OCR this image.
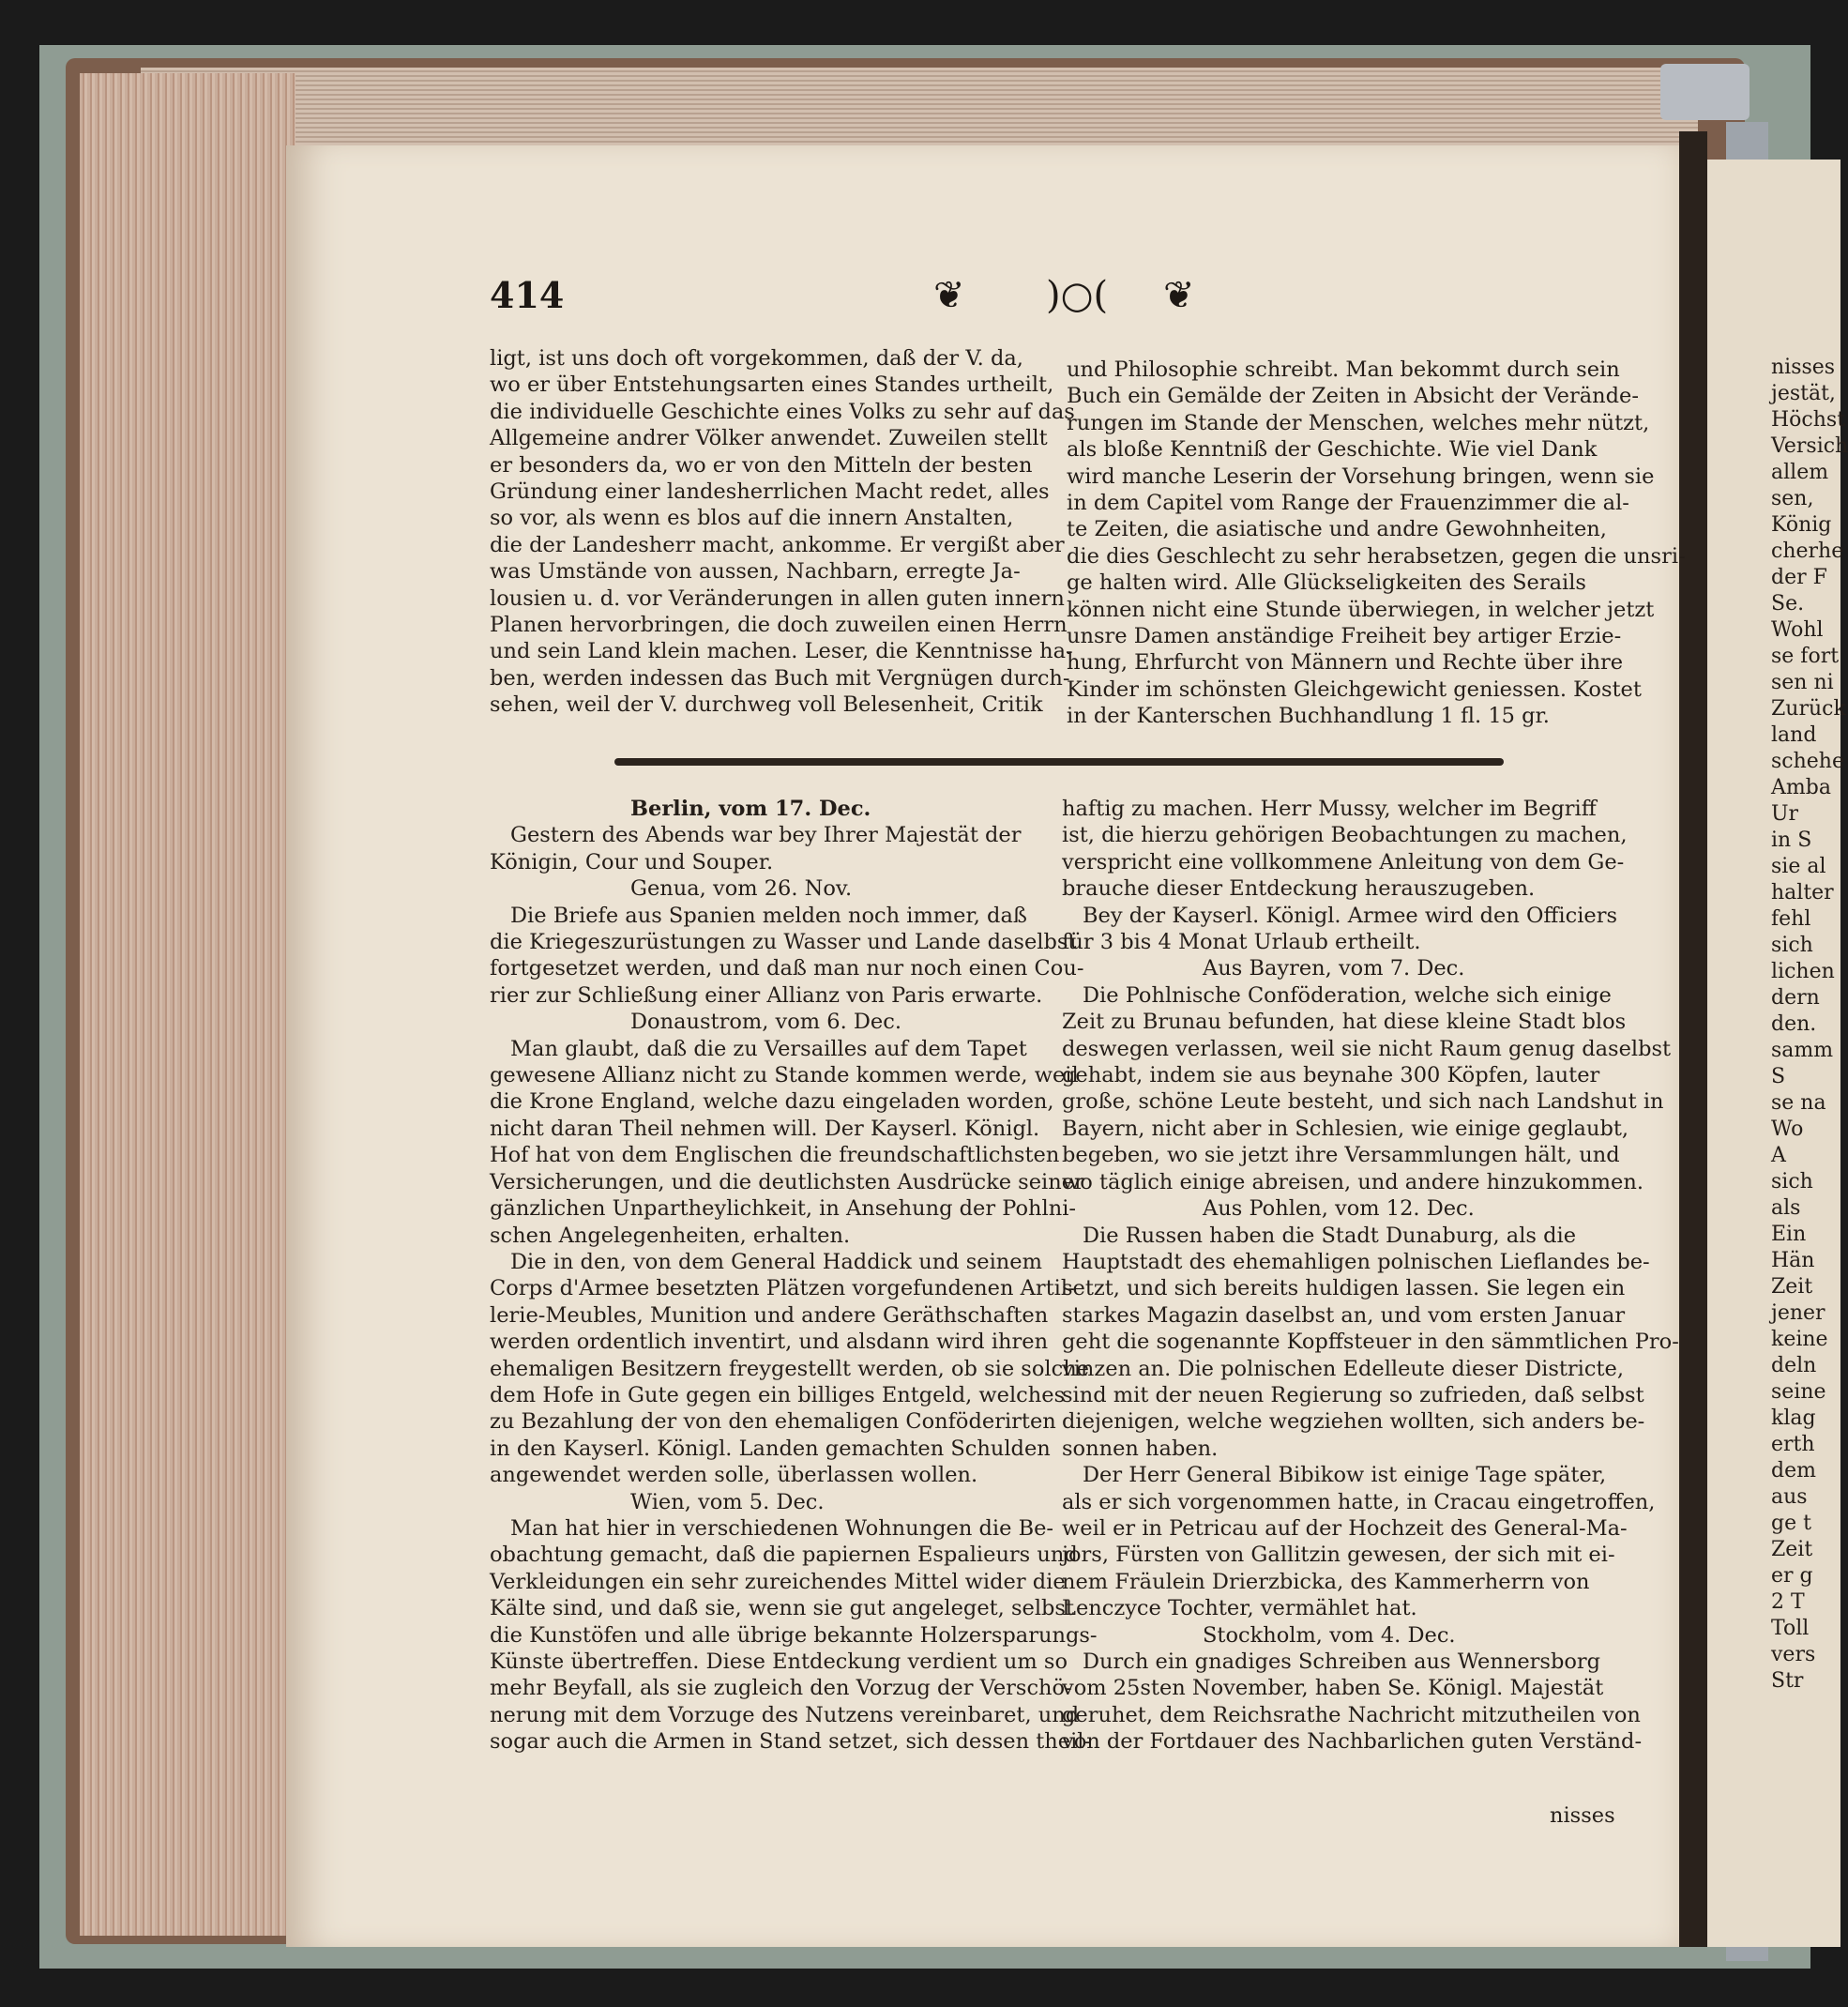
414	❦ )○( ❦

ligt, ist uns doch oft vorgekommen, daß der V. da,

wo er über Entstehungsarten eines Standes urtheilt,

die individuelle Geschichte eines Volks zu sehr auf das

Allgemeine andrer Völker anwendet. Zuweilen stellt

er besonders da, wo er von den Mitteln der besten

Gründung einer landesherrlichen Macht redet, alles

so vor, als wenn es blos auf die innern Anstalten,

die der Landesherr macht, ankomme. Er vergißt aber

was Umstände von aussen, Nachbarn, erregte Ja-

lousien u. d. vor Veränderungen in allen guten innern

Planen hervorbringen, die doch zuweilen einen Herrn

und sein Land klein machen. Leser, die Kenntnisse ha-

ben, werden indessen das Buch mit Vergnügen durch-

sehen, weil der V. durchweg voll Belesenheit, Critik

und Philosophie schreibt. Man bekommt durch sein

Buch ein Gemälde der Zeiten in Absicht der Verände-

rungen im Stande der Menschen, welches mehr nützt,

als bloße Kenntniß der Geschichte. Wie viel Dank

wird manche Leserin der Vorsehung bringen, wenn sie

in dem Capitel vom Range der Frauenzimmer die al-

te Zeiten, die asiatische und andre Gewohnheiten,

die dies Geschlecht zu sehr herabsetzen, gegen die unsri-

ge halten wird. Alle Glückseligkeiten des Serails

können nicht eine Stunde überwiegen, in welcher jetzt

unsre Damen anständige Freiheit bey artiger Erzie-

hung, Ehrfurcht von Männern und Rechte über ihre

Kinder im schönsten Gleichgewicht geniessen. Kostet

in der Kanterschen Buchhandlung 1 fl. 15 gr.

Berlin, vom 17. Dec.

Gestern des Abends war bey Ihrer Majestät der

Königin, Cour und Souper.

Genua, vom 26. Nov.

Die Briefe aus Spanien melden noch immer, daß

die Kriegeszurüstungen zu Wasser und Lande daselbst

fortgesetzet werden, und daß man nur noch einen Cou-

rier zur Schließung einer Allianz von Paris erwarte.

Donaustrom, vom 6. Dec.

Man glaubt, daß die zu Versailles auf dem Tapet

gewesene Allianz nicht zu Stande kommen werde, weil

die Krone England, welche dazu eingeladen worden,

nicht daran Theil nehmen will. Der Kayserl. Königl.

Hof hat von dem Englischen die freundschaftlichsten

Versicherungen, und die deutlichsten Ausdrücke seiner

gänzlichen Unpartheylichkeit, in Ansehung der Pohlni-

schen Angelegenheiten, erhalten.

Die in den, von dem General Haddick und seinem

Corps d'Armee besetzten Plätzen vorgefundenen Artil-

lerie-Meubles, Munition und andere Geräthschaften

werden ordentlich inventirt, und alsdann wird ihren

ehemaligen Besitzern freygestellt werden, ob sie solche

dem Hofe in Gute gegen ein billiges Entgeld, welches

zu Bezahlung der von den ehemaligen Conföderirten

in den Kayserl. Königl. Landen gemachten Schulden

angewendet werden solle, überlassen wollen.

Wien, vom 5. Dec.

Man hat hier in verschiedenen Wohnungen die Be-

obachtung gemacht, daß die papiernen Espalieurs und

Verkleidungen ein sehr zureichendes Mittel wider die

Kälte sind, und daß sie, wenn sie gut angeleget, selbst

die Kunstöfen und alle übrige bekannte Holzersparungs-

Künste übertreffen. Diese Entdeckung verdient um so

mehr Beyfall, als sie zugleich den Vorzug der Verschö-

nerung mit dem Vorzuge des Nutzens vereinbaret, und

sogar auch die Armen in Stand setzet, sich dessen theil-

haftig zu machen. Herr Mussy, welcher im Begriff

ist, die hierzu gehörigen Beobachtungen zu machen,

verspricht eine vollkommene Anleitung von dem Ge-

brauche dieser Entdeckung herauszugeben.

Bey der Kayserl. Königl. Armee wird den Officiers

für 3 bis 4 Monat Urlaub ertheilt.

Aus Bayren, vom 7. Dec.

Die Pohlnische Conföderation, welche sich einige

Zeit zu Brunau befunden, hat diese kleine Stadt blos

deswegen verlassen, weil sie nicht Raum genug daselbst

gehabt, indem sie aus beynahe 300 Köpfen, lauter

große, schöne Leute besteht, und sich nach Landshut in

Bayern, nicht aber in Schlesien, wie einige geglaubt,

begeben, wo sie jetzt ihre Versammlungen hält, und

wo täglich einige abreisen, und andere hinzukommen.

Aus Pohlen, vom 12. Dec.

Die Russen haben die Stadt Dunaburg, als die

Hauptstadt des ehemahligen polnischen Lieflandes be-

setzt, und sich bereits huldigen lassen. Sie legen ein

starkes Magazin daselbst an, und vom ersten Januar

geht die sogenannte Kopffsteuer in den sämmtlichen Pro-

vinzen an. Die polnischen Edelleute dieser Districte,

sind mit der neuen Regierung so zufrieden, daß selbst

diejenigen, welche wegziehen wollten, sich anders be-

sonnen haben.

Der Herr General Bibikow ist einige Tage später,

als er sich vorgenommen hatte, in Cracau eingetroffen,

weil er in Petricau auf der Hochzeit des General-Ma-

jors, Fürsten von Gallitzin gewesen, der sich mit ei-

nem Fräulein Drierzbicka, des Kammerherrn von

Lenczyce Tochter, vermählet hat.

Stockholm, vom 4. Dec.

Durch ein gnadiges Schreiben aus Wennersborg

vom 25sten November, haben Se. Königl. Majestät

geruhet, dem Reichsrathe Nachricht mitzutheilen von

von der Fortdauer des Nachbarlichen guten Verständ-

nisses

nisses

jestät,

Höchst

Versich

allem

sen,

König

cherhe

der F

Se.

Wohl

se fort

sen ni

Zurück

land

schehe

Amba

Ur

in S

sie al

halter

fehl

sich

lichen

dern

den.

samm

S

se na

Wo

A

sich

als

Ein

Hän

Zeit

jener

keine

deln

seine

klag

erth

dem

aus

ge t

Zeit

er g

2 T

Toll

vers

Str
